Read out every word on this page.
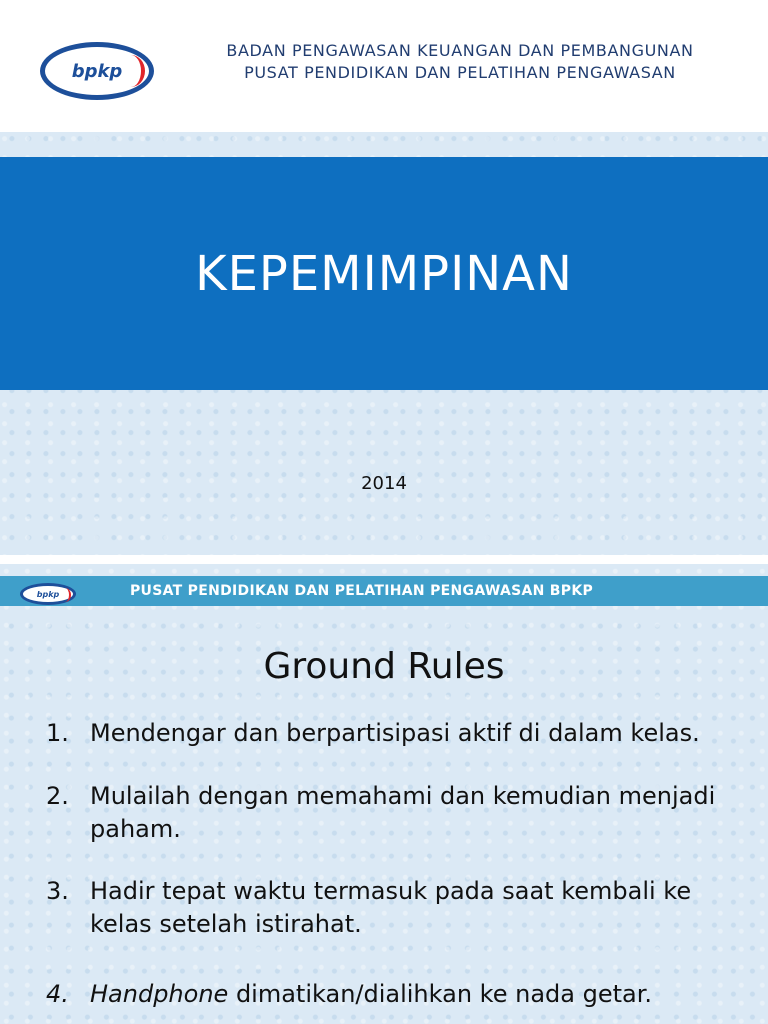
bpkp
BADAN PENGAWASAN KEUANGAN DAN PEMBANGUNAN
PUSAT PENDIDIKAN DAN PELATIHAN PENGAWASAN
KEPEMIMPINAN
2014
bpkp	PUSAT PENDIDIKAN DAN PELATIHAN PENGAWASAN BPKP
Ground Rules
1. Mendengar dan berpartisipasi aktif di dalam kelas.
2. Mulailah dengan memahami dan kemudian menjadi paham.
3. Hadir tepat waktu termasuk pada saat kembali ke kelas setelah istirahat.
4. Handphone dimatikan/dialihkan ke nada getar.
